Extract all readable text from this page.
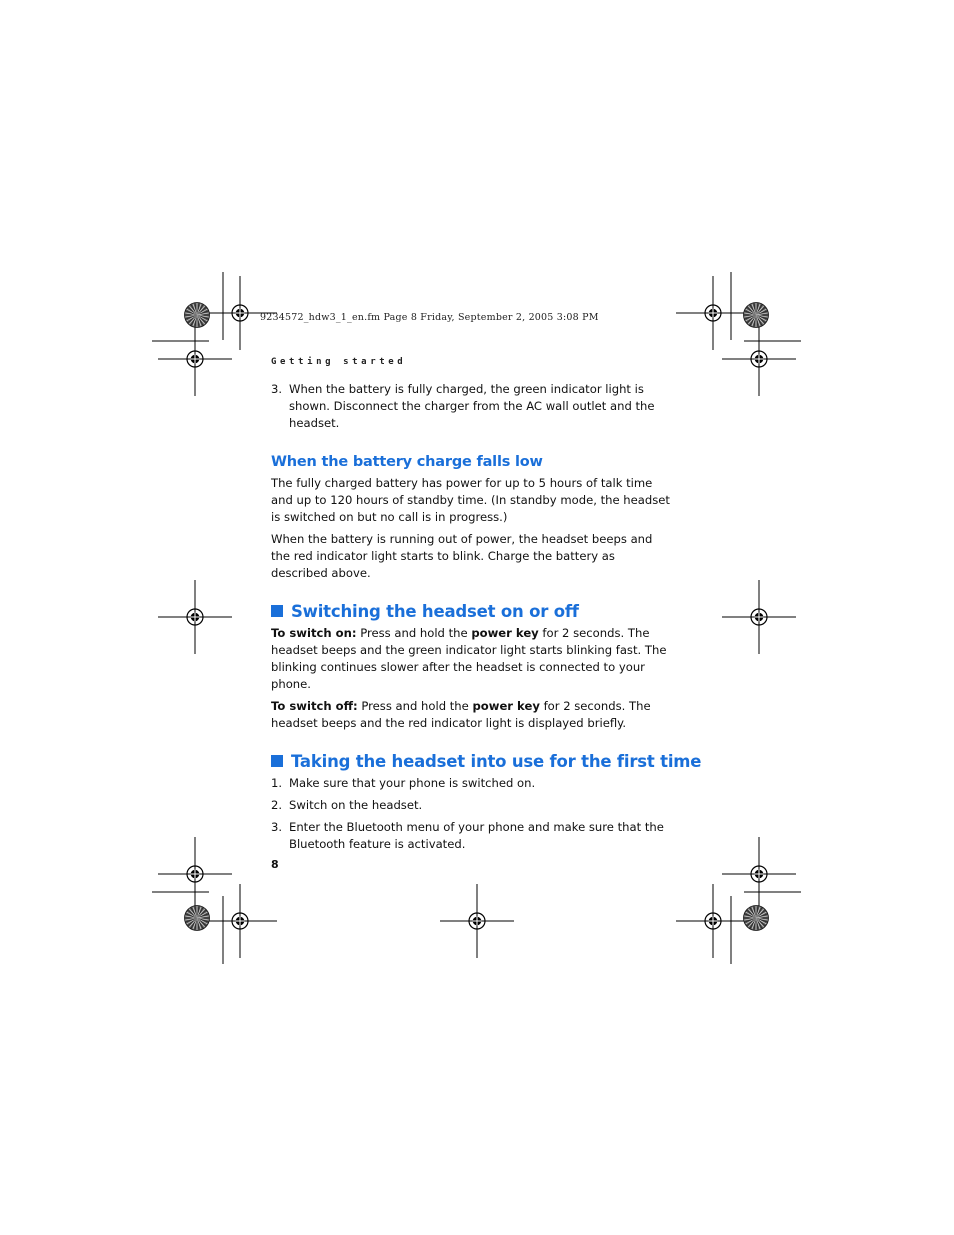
9234572_hdw3_1_en.fm Page 8 Friday, September 2, 2005 3:08 PM
Getting started
3. When the battery is fully charged, the green indicator light is shown. Disconnect the charger from the AC wall outlet and the headset.
When the battery charge falls low

The fully charged battery has power for up to 5 hours of talk time and up to 120 hours of standby time. (In standby mode, the headset is switched on but no call is in progress.)

When the battery is running out of power, the headset beeps and the red indicator light starts to blink. Charge the battery as described above.

Switching the headset on or off

To switch on: Press and hold the power key for 2 seconds. The headset beeps and the green indicator light starts blinking fast. The blinking continues slower after the headset is connected to your phone.

To switch off: Press and hold the power key for 2 seconds. The headset beeps and the red indicator light is displayed briefly.

Taking the headset into use for the first time
1. Make sure that your phone is switched on.
2. Switch on the headset.
3. Enter the Bluetooth menu of your phone and make sure that the Bluetooth feature is activated.
8
